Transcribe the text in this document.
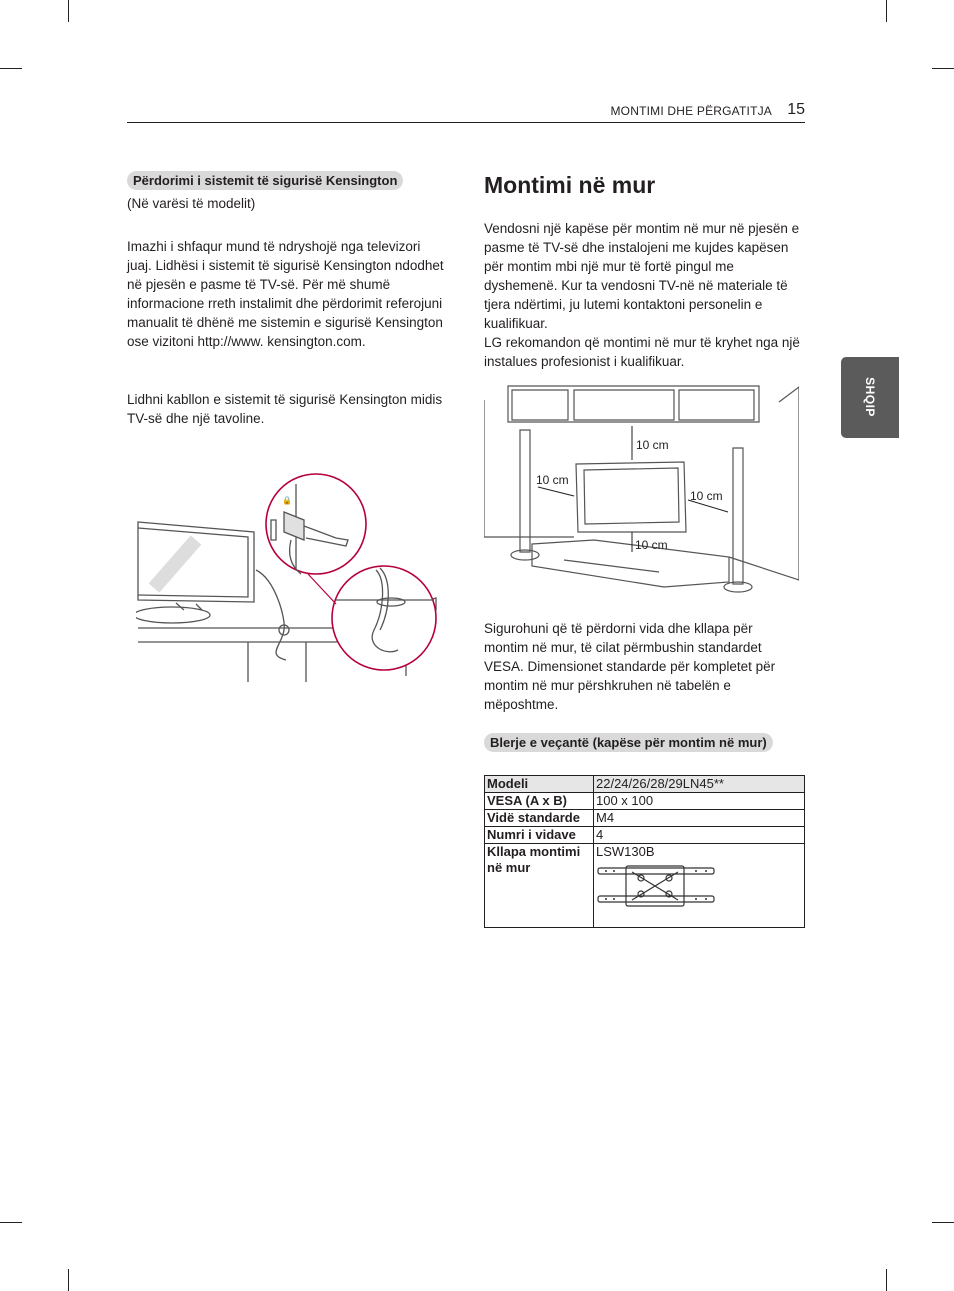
MONTIMI DHE PËRGATITJA 15
SHQIP
Përdorimi i sistemit të sigurisë Kensington
(Në varësi të modelit)
Imazhi i shfaqur mund të ndryshojë nga televizori juaj. Lidhësi i sistemit të sigurisë Kensington ndodhet në pjesën e pasme të TV-së. Për më shumë informacione rreth instalimit dhe përdorimit referojuni manualit të dhënë me sistemin e sigurisë Kensington ose vizitoni http://www. kensington.com.
Lidhni kabllon e sistemit të sigurisë Kensington midis TV-së dhe një tavoline.
🔒
Montimi në mur
Vendosni një kapëse për montim në mur në pjesën e pasme të TV-së dhe instalojeni me kujdes kapësen për montim mbi një mur të fortë pingul me dyshemenë. Kur ta vendosni TV-në në materiale të tjera ndërtimi, ju lutemi kontaktoni personelin e kualifikuar.
LG rekomandon që montimi në mur të kryhet nga një instalues profesionist i kualifikuar.
10 cm
10 cm
10 cm
10 cm
Sigurohuni që të përdorni vida dhe kllapa për montim në mur, të cilat përmbushin standardet VESA. Dimensionet standarde për kompletet për montim në mur përshkruhen në tabelën e mëposhtme.
Blerje e veçantë (kapëse për montim në mur)
Modeli	22/24/26/28/29LN45**
VESA (A x B)	100 x 100
Vidë standarde	M4
Numri i vidave	4
Kllapa montimi në mur	LSW130B
